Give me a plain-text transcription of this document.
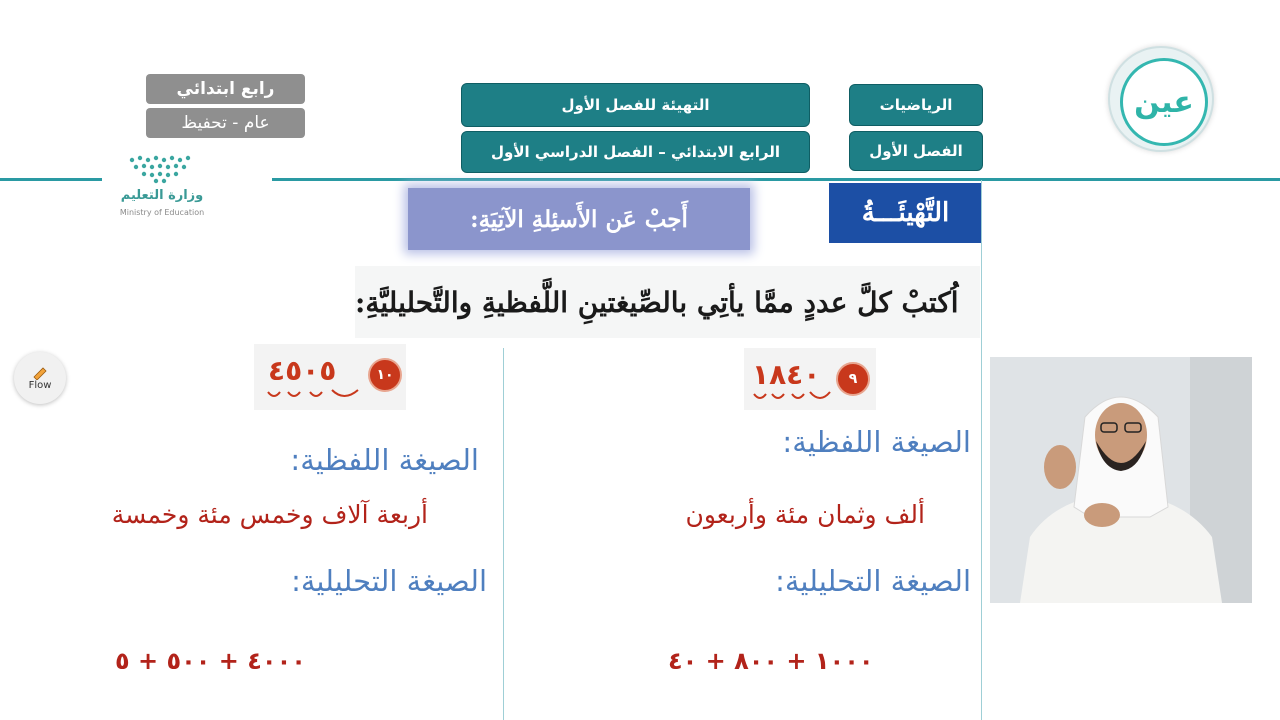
الرياضيات
الفصل الأول
التهيئة للفصل الأول
الرابع الابتدائي – الفصل الدراسي الأول
رابع ابتدائي
عام - تحفيظ
وزارة التعليم
Ministry of Education
عين
التَّهْيئَـــةُ
أَجبْ عَن الأَسئِلةِ الآتِيَةِ:
اُكتبْ كلَّ عددٍ ممَّا يأتِي بالصِّيغتينِ اللَّفظيةِ والتَّحليليَّةِ:
٩
١٨٤٠
الصيغة اللفظية:
ألف وثمان مئة وأربعون
الصيغة التحليلية:
١٠٠٠ + ٨٠٠ + ٤٠
١٠
٤٥٠٥
الصيغة اللفظية:
أربعة آلاف وخمس مئة وخمسة
الصيغة التحليلية:
٤٠٠٠ + ٥٠٠ + ٥
Flow
